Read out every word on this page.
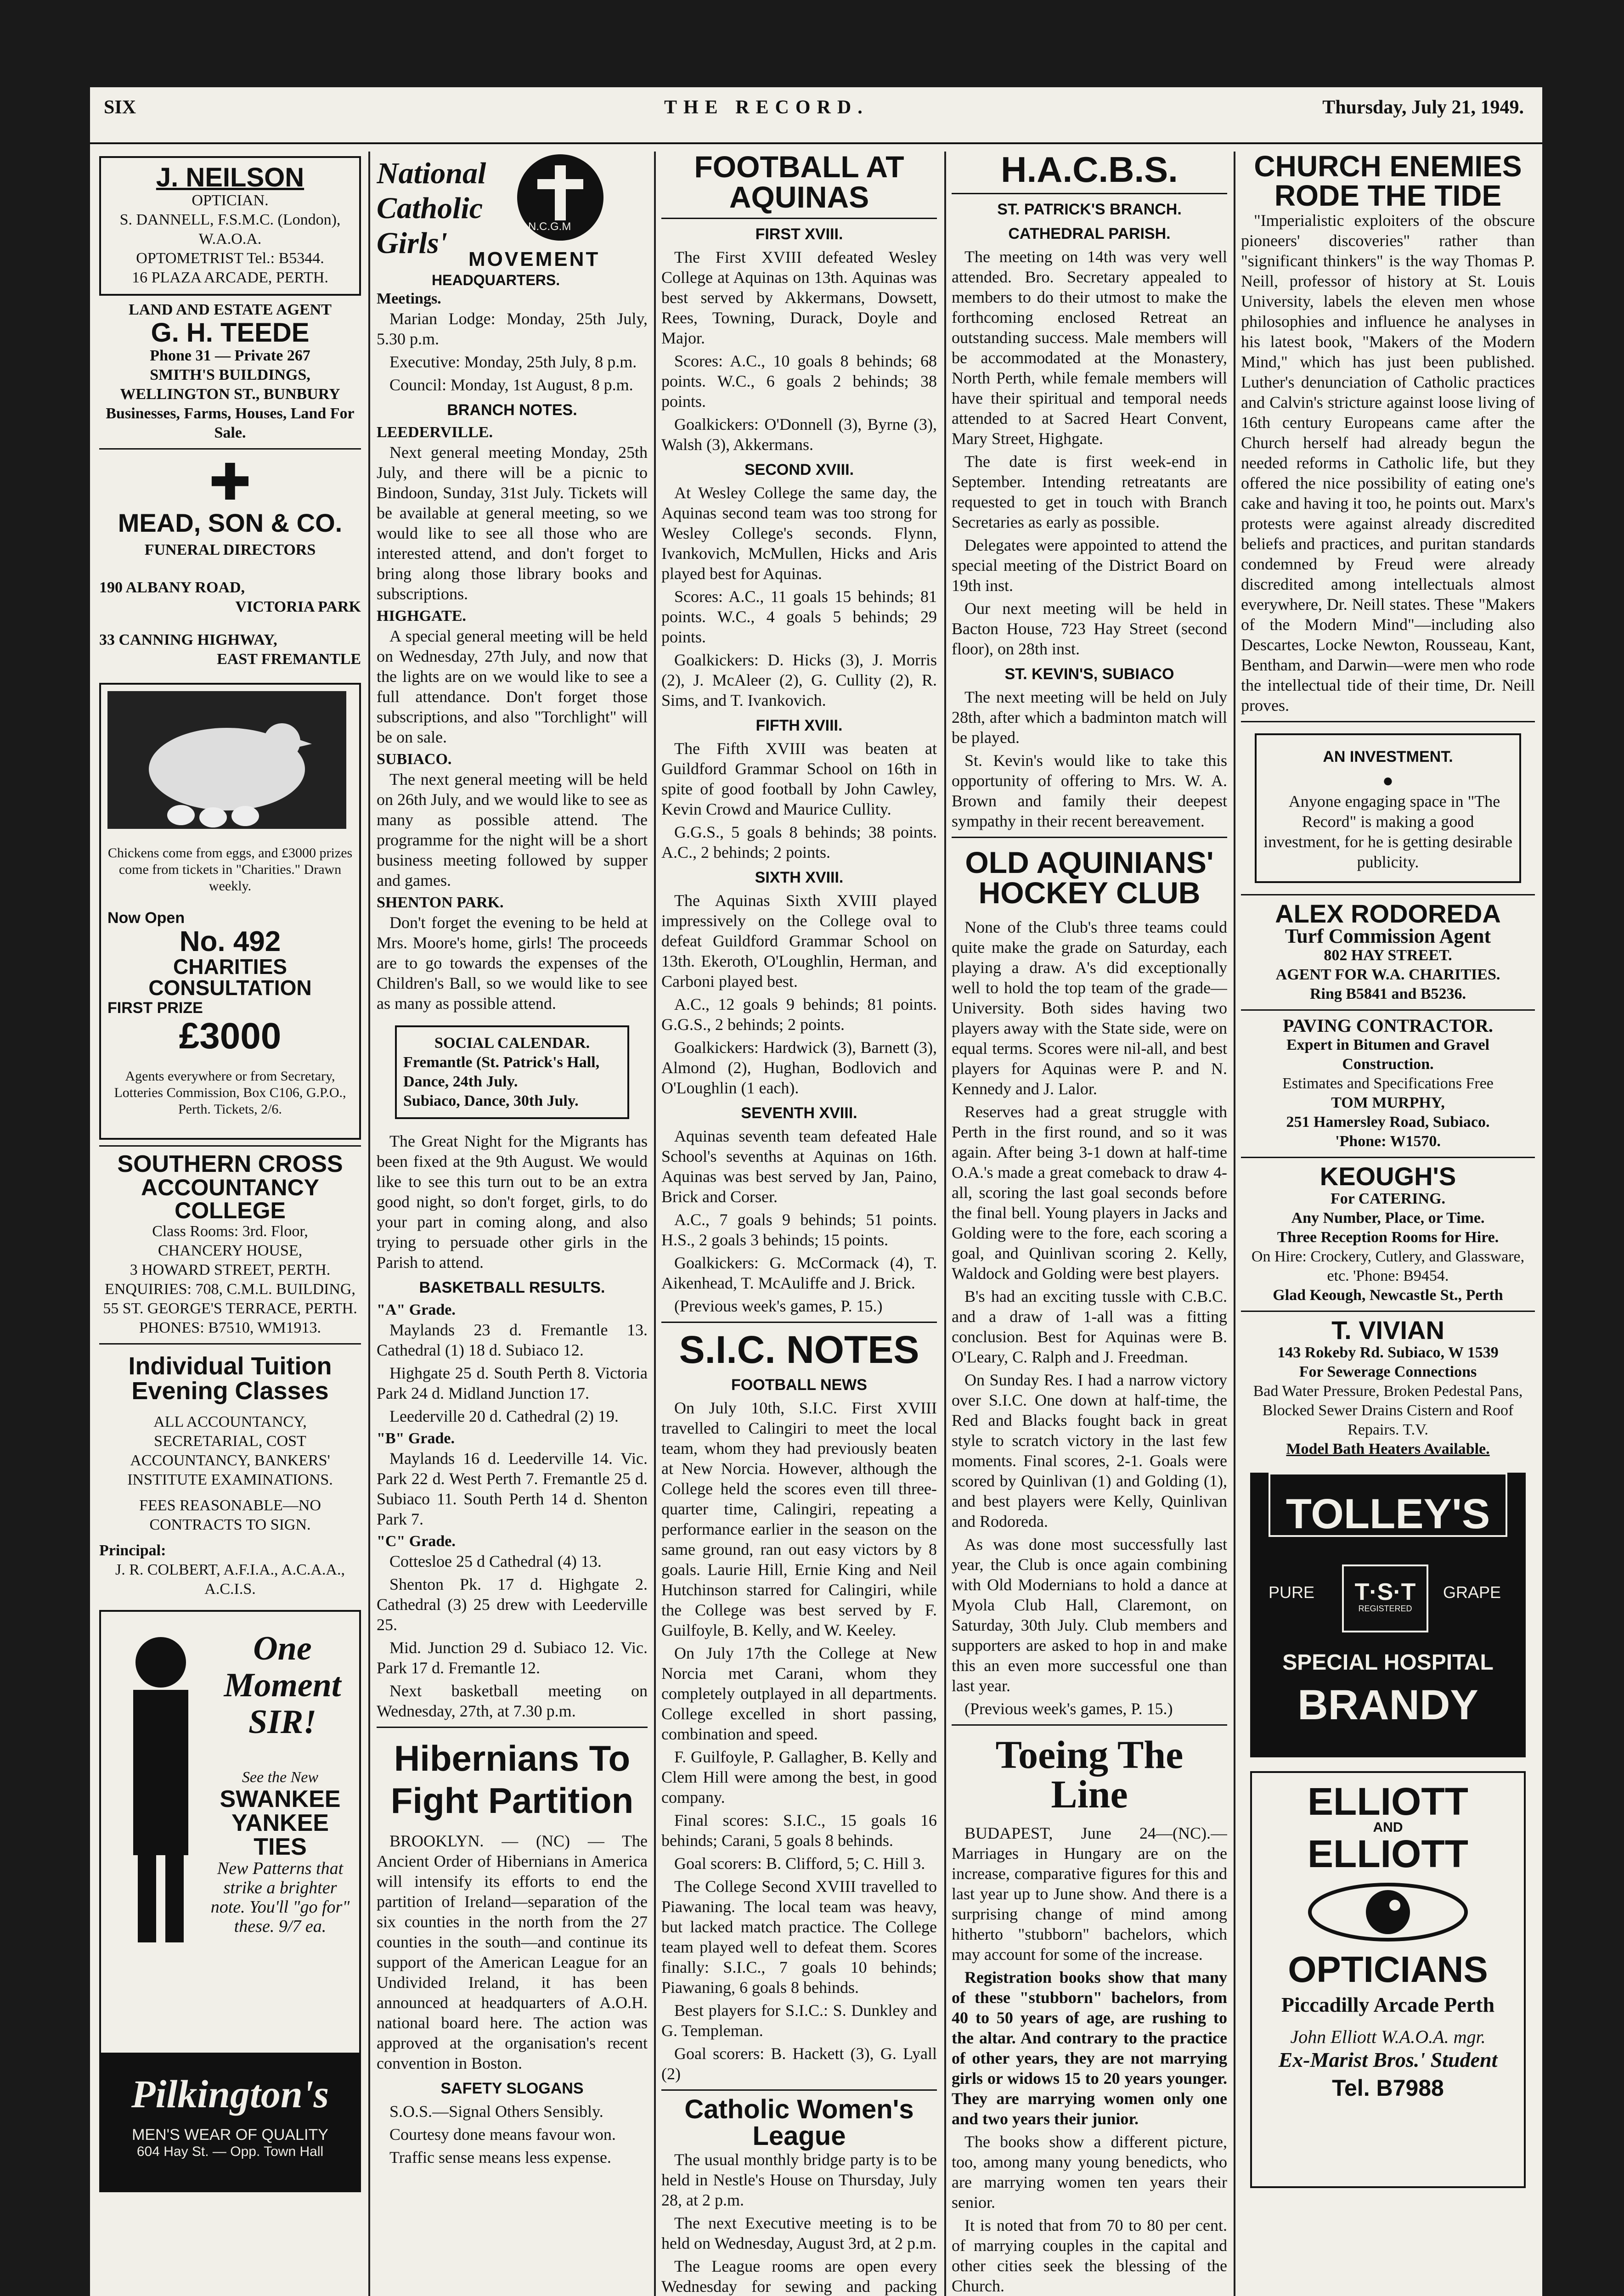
SIX	THE RECORD.	Thursday, July 21, 1949.
J. NEILSON

OPTICIAN.

S. DANNELL, F.S.M.C. (London), W.A.O.A.

OPTOMETRIST Tel.: B5344.

16 PLAZA ARCADE, PERTH.

LAND AND ESTATE AGENT

G. H. TEEDE

Phone 31 — Private 267

SMITH'S BUILDINGS,

WELLINGTON ST., BUNBURY

Businesses, Farms, Houses, Land For Sale.

✚
MEAD, SON & CO.

FUNERAL DIRECTORS

190 ALBANY ROAD,

VICTORIA PARK

33 CANNING HIGHWAY,

EAST FREMANTLE

Chickens come from eggs, and £3000 prizes come from tickets in "Charities." Drawn weekly.

Now Open

No. 492
CHARITIES
CONSULTATION

FIRST PRIZE

£3000

Agents everywhere or from Secretary, Lotteries Commission, Box C106, G.P.O., Perth. Tickets, 2/6.

SOUTHERN CROSS
ACCOUNTANCY COLLEGE

Class Rooms: 3rd. Floor,

CHANCERY HOUSE,

3 HOWARD STREET, PERTH.

ENQUIRIES: 708, C.M.L. BUILDING, 55 ST. GEORGE'S TERRACE, PERTH.

PHONES: B7510, WM1913.

Individual Tuition
Evening Classes

ALL ACCOUNTANCY, SECRETARIAL, COST ACCOUNTANCY, BANKERS' INSTITUTE EXAMINATIONS.

FEES REASONABLE—NO CONTRACTS TO SIGN.

Principal:

J. R. COLBERT, A.F.I.A., A.C.A.A., A.C.I.S.

One Moment SIR!

See the New

SWANKEE
YANKEE
TIES

New Patterns that strike a brighter note. You'll "go for" these. 9/7 ea.

Pilkington's
MEN'S WEAR OF QUALITY
604 Hay St. — Opp. Town Hall
National
Catholic
Girls'	N.C.G.M
MOVEMENT
HEADQUARTERS.

Meetings.

Marian Lodge: Monday, 25th July, 5.30 p.m.

Executive: Monday, 25th July, 8 p.m.

Council: Monday, 1st August, 8 p.m.

BRANCH NOTES.

LEEDERVILLE.

Next general meeting Monday, 25th July, and there will be a picnic to Bindoon, Sunday, 31st July. Tickets will be available at general meeting, so we would like to see all those who are interested attend, and don't forget to bring along those library books and subscriptions.

HIGHGATE.

A special general meeting will be held on Wednesday, 27th July, and now that the lights are on we would like to see a full attendance. Don't forget those subscriptions, and also "Torchlight" will be on sale.

SUBIACO.

The next general meeting will be held on 26th July, and we would like to see as many as possible attend. The programme for the night will be a short business meeting followed by supper and games.

SHENTON PARK.

Don't forget the evening to be held at Mrs. Moore's home, girls! The proceeds are to go towards the expenses of the Children's Ball, so we would like to see as many as possible attend.

SOCIAL CALENDAR.

Fremantle (St. Patrick's Hall, Dance, 24th July.

Subiaco, Dance, 30th July.

The Great Night for the Migrants has been fixed at the 9th August. We would like to see this turn out to be an extra good night, so don't forget, girls, to do your part in coming along, and also trying to persuade other girls in the Parish to attend.

BASKETBALL RESULTS.

"A" Grade.

Maylands 23 d. Fremantle 13. Cathedral (1) 18 d. Subiaco 12.

Highgate 25 d. South Perth 8. Victoria Park 24 d. Midland Junction 17.

Leederville 20 d. Cathedral (2) 19.

"B" Grade.

Maylands 16 d. Leederville 14. Vic. Park 22 d. West Perth 7. Fremantle 25 d. Subiaco 11. South Perth 14 d. Shenton Park 7.

"C" Grade.

Cottesloe 25 d Cathedral (4) 13.

Shenton Pk. 17 d. Highgate 2. Cathedral (3) 25 drew with Leederville 25.

Mid. Junction 29 d. Subiaco 12. Vic. Park 17 d. Fremantle 12.

Next basketball meeting on Wednesday, 27th, at 7.30 p.m.

Hibernians To Fight Partition

BROOKLYN. — (NC) — The Ancient Order of Hibernians in America will intensify its efforts to end the partition of Ireland—separation of the six counties in the north from the 27 counties in the south—and continue its support of the American League for an Undivided Ireland, it has been announced at headquarters of A.O.H. national board here. The action was approved at the organisation's recent convention in Boston.

SAFETY SLOGANS

S.O.S.—Signal Others Sensibly.

Courtesy done means favour won.

Traffic sense means less expense.

FOOTBALL AT
AQUINAS
FIRST XVIII.

The First XVIII defeated Wesley College at Aquinas on 13th. Aquinas was best served by Akkermans, Dowsett, Rees, Towning, Durack, Doyle and Major.

Scores: A.C., 10 goals 8 behinds; 68 points. W.C., 6 goals 2 behinds; 38 points.

Goalkickers: O'Donnell (3), Byrne (3), Walsh (3), Akkermans.

SECOND XVIII.

At Wesley College the same day, the Aquinas second team was too strong for Wesley College's seconds. Flynn, Ivankovich, McMullen, Hicks and Aris played best for Aquinas.

Scores: A.C., 11 goals 15 behinds; 81 points. W.C., 4 goals 5 behinds; 29 points.

Goalkickers: D. Hicks (3), J. Morris (2), J. McAleer (2), G. Cullity (2), R. Sims, and T. Ivankovich.

FIFTH XVIII.

The Fifth XVIII was beaten at Guildford Grammar School on 16th in spite of good football by John Cawley, Kevin Crowd and Maurice Cullity.

G.G.S., 5 goals 8 behinds; 38 points. A.C., 2 behinds; 2 points.

SIXTH XVIII.

The Aquinas Sixth XVIII played impressively on the College oval to defeat Guildford Grammar School on 13th. Ekeroth, O'Loughlin, Herman, and Carboni played best.

A.C., 12 goals 9 behinds; 81 points. G.G.S., 2 behinds; 2 points.

Goalkickers: Hardwick (3), Barnett (3), Almond (2), Hughan, Bodlovich and O'Loughlin (1 each).

SEVENTH XVIII.

Aquinas seventh team defeated Hale School's sevenths at Aquinas on 16th. Aquinas was best served by Jan, Paino, Brick and Corser.

A.C., 7 goals 9 behinds; 51 points. H.S., 2 goals 3 behinds; 15 points.

Goalkickers: G. McCormack (4), T. Aikenhead, T. McAuliffe and J. Brick.

(Previous week's games, P. 15.)

S.I.C. NOTES
FOOTBALL NEWS

On July 10th, S.I.C. First XVIII travelled to Calingiri to meet the local team, whom they had previously beaten at New Norcia. However, although the College held the scores even till three-quarter time, Calingiri, repeating a performance earlier in the season on the same ground, ran out easy victors by 8 goals. Laurie Hill, Ernie King and Neil Hutchinson starred for Calingiri, while the College was best served by F. Guilfoyle, B. Kelly, and W. Keeley.

On July 17th the College at New Norcia met Carani, whom they completely outplayed in all departments. College excelled in short passing, combination and speed.

F. Guilfoyle, P. Gallagher, B. Kelly and Clem Hill were among the best, in good company.

Final scores: S.I.C., 15 goals 16 behinds; Carani, 5 goals 8 behinds.

Goal scorers: B. Clifford, 5; C. Hill 3.

The College Second XVIII travelled to Piawaning. The local team was heavy, but lacked match practice. The College team played well to defeat them. Scores finally: S.I.C., 7 goals 10 behinds; Piawaning, 6 goals 8 behinds.

Best players for S.I.C.: S. Dunkley and G. Templeman.

Goal scorers: B. Hackett (3), G. Lyall (2)

Catholic Women's League

The usual monthly bridge party is to be held in Nestle's House on Thursday, July 28, at 2 p.m.

The next Executive meeting is to be held on Wednesday, August 3rd, at 2 p.m.

The League rooms are open every Wednesday for sewing and packing

H.A.C.B.S.
ST. PATRICK'S BRANCH.
CATHEDRAL PARISH.

The meeting on 14th was very well attended. Bro. Secretary appealed to members to do their utmost to make the forthcoming enclosed Retreat an outstanding success. Male members will be accommodated at the Monastery, North Perth, while female members will have their spiritual and temporal needs attended to at Sacred Heart Convent, Mary Street, Highgate.

The date is first week-end in September. Intending retreatants are requested to get in touch with Branch Secretaries as early as possible.

Delegates were appointed to attend the special meeting of the District Board on 19th inst.

Our next meeting will be held in Bacton House, 723 Hay Street (second floor), on 28th inst.

ST. KEVIN'S, SUBIACO

The next meeting will be held on July 28th, after which a badminton match will be played.

St. Kevin's would like to take this opportunity of offering to Mrs. W. A. Brown and family their deepest sympathy in their recent bereavement.

OLD AQUINIANS'
HOCKEY CLUB

None of the Club's three teams could quite make the grade on Saturday, each playing a draw. A's did exceptionally well to hold the top team of the grade—University. Both sides having two players away with the State side, were on equal terms. Scores were nil-all, and best players for Aquinas were P. and N. Kennedy and J. Lalor.

Reserves had a great struggle with Perth in the first round, and so it was again. After being 3-1 down at half-time O.A.'s made a great comeback to draw 4-all, scoring the last goal seconds before the final bell. Young players in Jacks and Golding were to the fore, each scoring a goal, and Quinlivan scoring 2. Kelly, Waldock and Golding were best players.

B's had an exciting tussle with C.B.C. and a draw of 1-all was a fitting conclusion. Best for Aquinas were B. O'Leary, C. Ralph and J. Freedman.

On Sunday Res. I had a narrow victory over S.I.C. One down at half-time, the Red and Blacks fought back in great style to scratch victory in the last few moments. Final scores, 2-1. Goals were scored by Quinlivan (1) and Golding (1), and best players were Kelly, Quinlivan and Rodoreda.

As was done most successfully last year, the Club is once again combining with Old Modernians to hold a dance at Myola Club Hall, Claremont, on Saturday, 30th July. Club members and supporters are asked to hop in and make this an even more successful one than last year.

(Previous week's games, P. 15.)

Toeing The
Line

BUDAPEST, June 24—(NC).—Marriages in Hungary are on the increase, comparative figures for this and last year up to June show. And there is a surprising change of mind among hitherto "stubborn" bachelors, which may account for some of the increase.

Registration books show that many of these "stubborn" bachelors, from 40 to 50 years of age, are rushing to the altar. And contrary to the practice of other years, they are not marrying girls or widows 15 to 20 years younger. They are marrying women only one and two years their junior.

The books show a different picture, too, among many young benedicts, who are marrying women ten years their senior.

It is noted that from 70 to 80 per cent. of marrying couples in the capital and other cities seek the blessing of the Church.

CHURCH ENEMIES
RODE THE TIDE

"Imperialistic exploiters of the obscure pioneers' discoveries" rather than "significant thinkers" is the way Thomas P. Neill, professor of history at St. Louis University, labels the eleven men whose philosophies and influence he analyses in his latest book, "Makers of the Modern Mind," which has just been published. Luther's denunciation of Catholic practices and Calvin's stricture against loose living of 16th century Europeans came after the Church herself had already begun the needed reforms in Catholic life, but they offered the nice possibility of eating one's cake and having it too, he points out. Marx's protests were against already discredited beliefs and practices, and puritan standards condemned by Freud were already discredited among intellectuals almost everywhere, Dr. Neill states. These "Makers of the Modern Mind"—including also Descartes, Locke Newton, Rousseau, Kant, Bentham, and Darwin—were men who rode the intellectual tide of their time, Dr. Neill proves.

AN INVESTMENT.
●

Anyone engaging space in "The Record" is making a good investment, for he is getting desirable publicity.

ALEX RODOREDA

Turf Commission Agent

802 HAY STREET.

AGENT FOR W.A. CHARITIES.

Ring B5841 and B5236.

PAVING CONTRACTOR.

Expert in Bitumen and Gravel Construction.

Estimates and Specifications Free

TOM MURPHY,

251 Hamersley Road, Subiaco.

'Phone: W1570.

KEOUGH'S

For CATERING.

Any Number, Place, or Time.

Three Reception Rooms for Hire.

On Hire: Crockery, Cutlery, and Glassware, etc. 'Phone: B9454.

Glad Keough, Newcastle St., Perth

T. VIVIAN

143 Rokeby Rd. Subiaco, W 1539

For Sewerage Connections

Bad Water Pressure, Broken Pedestal Pans, Blocked Sewer Drains Cistern and Roof Repairs. T.V.

Model Bath Heaters Available.

TOLLEY'S
PURE	T·S·T
REGISTERED
GRAPE
SPECIAL HOSPITAL
BRANDY
ELLIOTT
AND
ELLIOTT
OPTICIANS
Piccadilly Arcade Perth
John Elliott W.A.O.A. mgr.
Ex-Marist Bros.' Student
Tel. B7988
